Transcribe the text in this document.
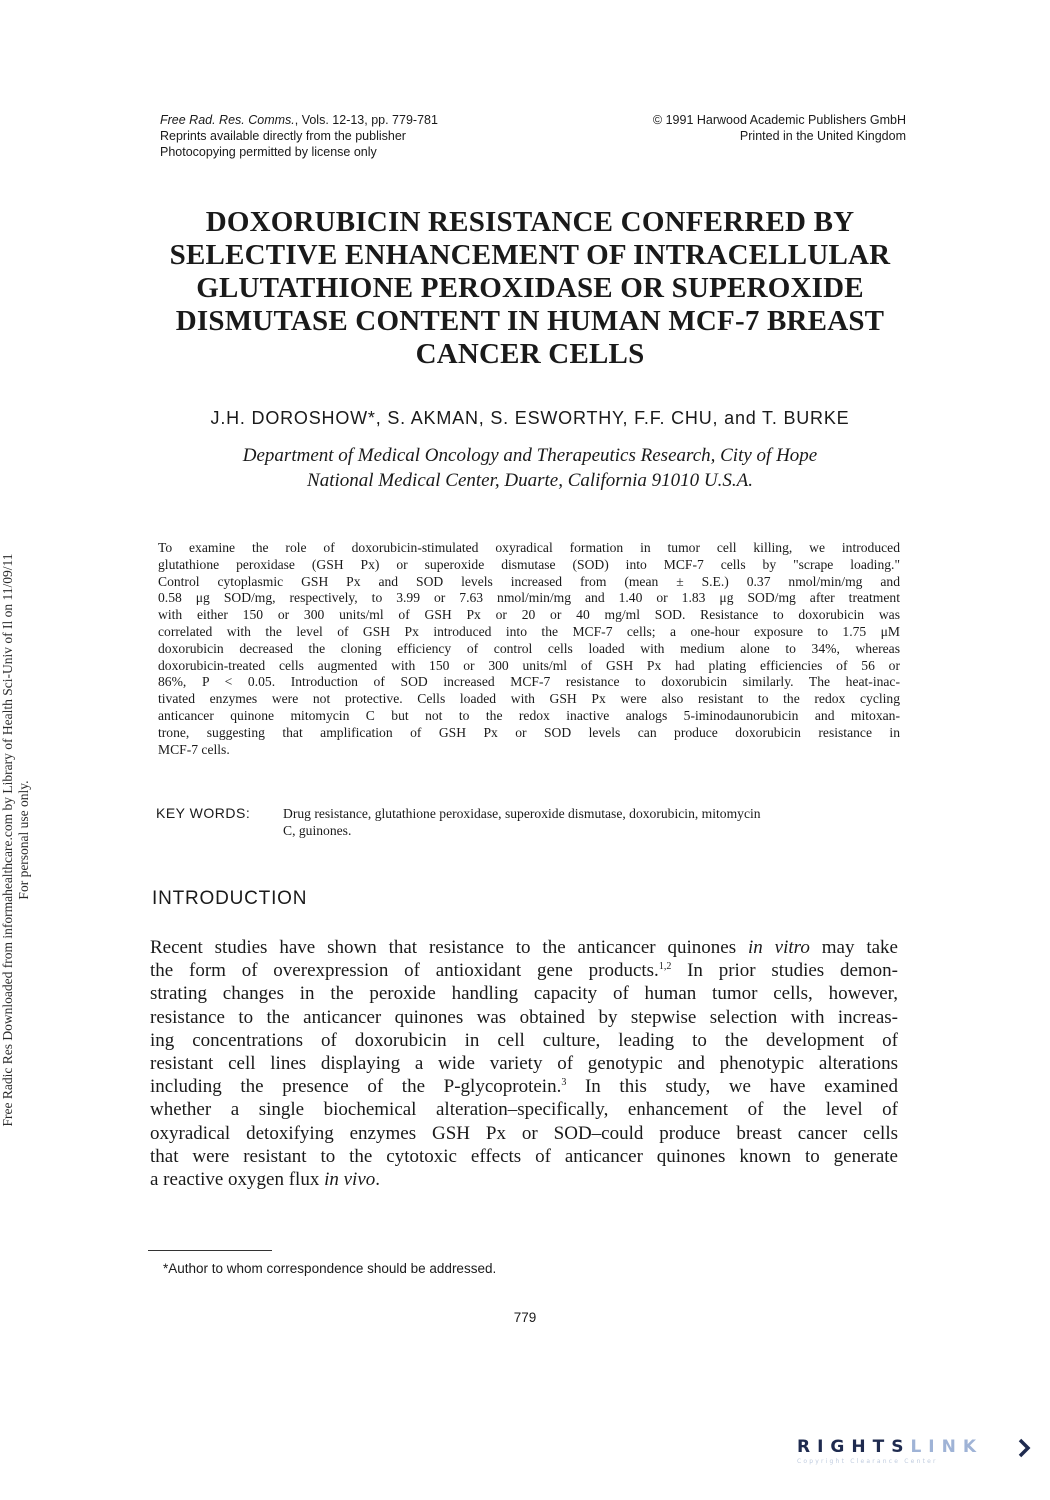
Free Rad. Res. Comms., Vols. 12-13, pp. 779-781
Reprints available directly from the publisher
Photocopying permitted by license only
© 1991 Harwood Academic Publishers GmbH
Printed in the United Kingdom
DOXORUBICIN RESISTANCE CONFERRED BY
SELECTIVE ENHANCEMENT OF INTRACELLULAR
GLUTATHIONE PEROXIDASE OR SUPEROXIDE
DISMUTASE CONTENT IN HUMAN MCF-7 BREAST
CANCER CELLS
J.H. DOROSHOW*, S. AKMAN, S. ESWORTHY, F.F. CHU, and T. BURKE
Department of Medical Oncology and Therapeutics Research, City of Hope
National Medical Center, Duarte, California 91010 U.S.A.
To examine the role of doxorubicin-stimulated oxyradical formation in tumor cell killing, we introduced
glutathione peroxidase (GSH Px) or superoxide dismutase (SOD) into MCF-7 cells by "scrape loading."
Control cytoplasmic GSH Px and SOD levels increased from (mean ± S.E.) 0.37 nmol/min/mg and
0.58 μg SOD/mg, respectively, to 3.99 or 7.63 nmol/min/mg and 1.40 or 1.83 μg SOD/mg after treatment
with either 150 or 300 units/ml of GSH Px or 20 or 40 mg/ml SOD. Resistance to doxorubicin was
correlated with the level of GSH Px introduced into the MCF-7 cells; a one-hour exposure to 1.75 μM
doxorubicin decreased the cloning efficiency of control cells loaded with medium alone to 34%, whereas
doxorubicin-treated cells augmented with 150 or 300 units/ml of GSH Px had plating efficiencies of 56 or
86%, P < 0.05. Introduction of SOD increased MCF-7 resistance to doxorubicin similarly. The heat-inac-
tivated enzymes were not protective. Cells loaded with GSH Px were also resistant to the redox cycling
anticancer quinone mitomycin C but not to the redox inactive analogs 5-iminodaunorubicin and mitoxan-
trone, suggesting that amplification of GSH Px or SOD levels can produce doxorubicin resistance in
MCF-7 cells.
KEY WORDS: Drug resistance, glutathione peroxidase, superoxide dismutase, doxorubicin, mitomycin
C, guinones.
INTRODUCTION
Recent studies have shown that resistance to the anticancer quinones in vitro may take
the form of overexpression of antioxidant gene products.$^{1,2}$ In prior studies demon-
strating changes in the peroxide handling capacity of human tumor cells, however,
resistance to the anticancer quinones was obtained by stepwise selection with increas-
ing concentrations of doxorubicin in cell culture, leading to the development of
resistant cell lines displaying a wide variety of genotypic and phenotypic alterations
including the presence of the P-glycoprotein.$^3$ In this study, we have examined
whether a single biochemical alteration–specifically, enhancement of the level of
oxyradical detoxifying enzymes GSH Px or SOD–could produce breast cancer cells
that were resistant to the cytotoxic effects of anticancer quinones known to generate
a reactive oxygen flux in vivo.
*Author to whom correspondence should be addressed.
779
Free Radic Res Downloaded from informahealthcare.com by Library of Health Sci-Univ of Il on 11/09/11 For personal use only.
RIGHTSLINK
Copyright Clearance Center
